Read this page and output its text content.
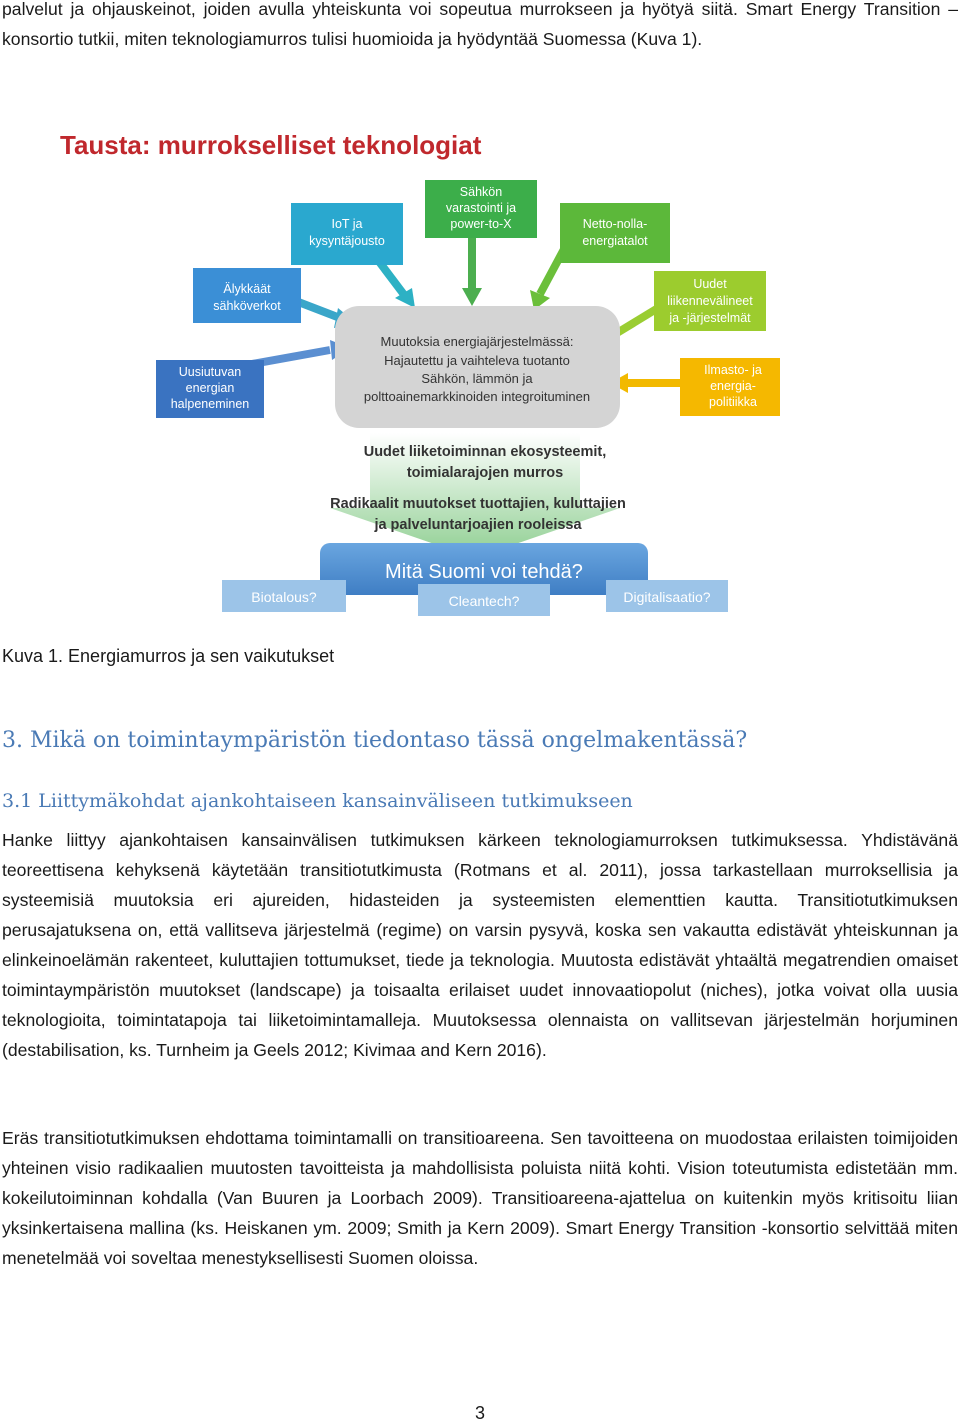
palvelut ja ohjauskeinot, joiden avulla yhteiskunta voi sopeutua murrokseen ja hyötyä siitä. Smart Energy Transition –konsortio tutkii, miten teknologiamurros tulisi huomioida ja hyödyntää Suomessa (Kuva 1).

Tausta: murrokselliset teknologiat
Muutoksia energiajärjestelmässä:
Hajautettu ja vaihteleva tuotanto
Sähkön, lämmön ja
polttoainemarkkinoiden integroituminen
Uusiutuvan
energian
halpeneminen
Älykkäät
sähköverkot
IoT ja
kysyntäjousto
Sähkön
varastointi ja
power-to-X	Netto-nolla-
energiatalot
Uudet
liikennevälineet
ja -järjestelmät
Ilmasto- ja
energia-
politiikka
Uudet liiketoiminnan ekosysteemit,
toimialarajojen murros
Radikaalit muutokset tuottajien, kuluttajien
ja palveluntarjoajien rooleissa
Mitä Suomi voi tehdä?
Biotalous?	Cleantech?	Digitalisaatio?

Kuva 1. Energiamurros ja sen vaikutukset

3. Mikä on toimintaympäristön tiedontaso tässä ongelmakentässä?
3.1 Liittymäkohdat ajankohtaiseen kansainväliseen tutkimukseen

Hanke liittyy ajankohtaisen kansainvälisen tutkimuksen kärkeen teknologiamurroksen tutkimuksessa. Yhdistävänä teoreettisena kehyksenä käytetään transitiotutkimusta (Rotmans et al. 2011), jossa tarkastellaan murroksellisia ja systeemisiä muutoksia eri ajureiden, hidasteiden ja systeemisten elementtien kautta. Transitiotutkimuksen perusajatuksena on, että vallitseva järjestelmä (regime) on varsin pysyvä, koska sen vakautta edistävät yhteiskunnan ja elinkeinoelämän rakenteet, kuluttajien tottumukset, tiede ja teknologia. Muutosta edistävät yhtaältä megatrendien omaiset toimintaympäristön muutokset (landscape) ja toisaalta erilaiset uudet innovaatiopolut (niches), jotka voivat olla uusia teknologioita, toimintatapoja tai liiketoimintamalleja. Muutoksessa olennaista on vallitsevan järjestelmän horjuminen (destabilisation, ks. Turnheim ja Geels 2012; Kivimaa and Kern 2016).

Eräs transitiotutkimuksen ehdottama toimintamalli on transitioareena. Sen tavoitteena on muodostaa erilaisten toimijoiden yhteinen visio radikaalien muutosten tavoitteista ja mahdollisista poluista niitä kohti. Vision toteutumista edistetään mm. kokeilutoiminnan kohdalla (Van Buuren ja Loorbach 2009). Transitioareena-ajattelua on kuitenkin myös kritisoitu liian yksinkertaisena mallina (ks. Heiskanen ym. 2009; Smith ja Kern 2009). Smart Energy Transition -konsortio selvittää miten menetelmää voi soveltaa menestyksellisesti Suomen oloissa.

3
